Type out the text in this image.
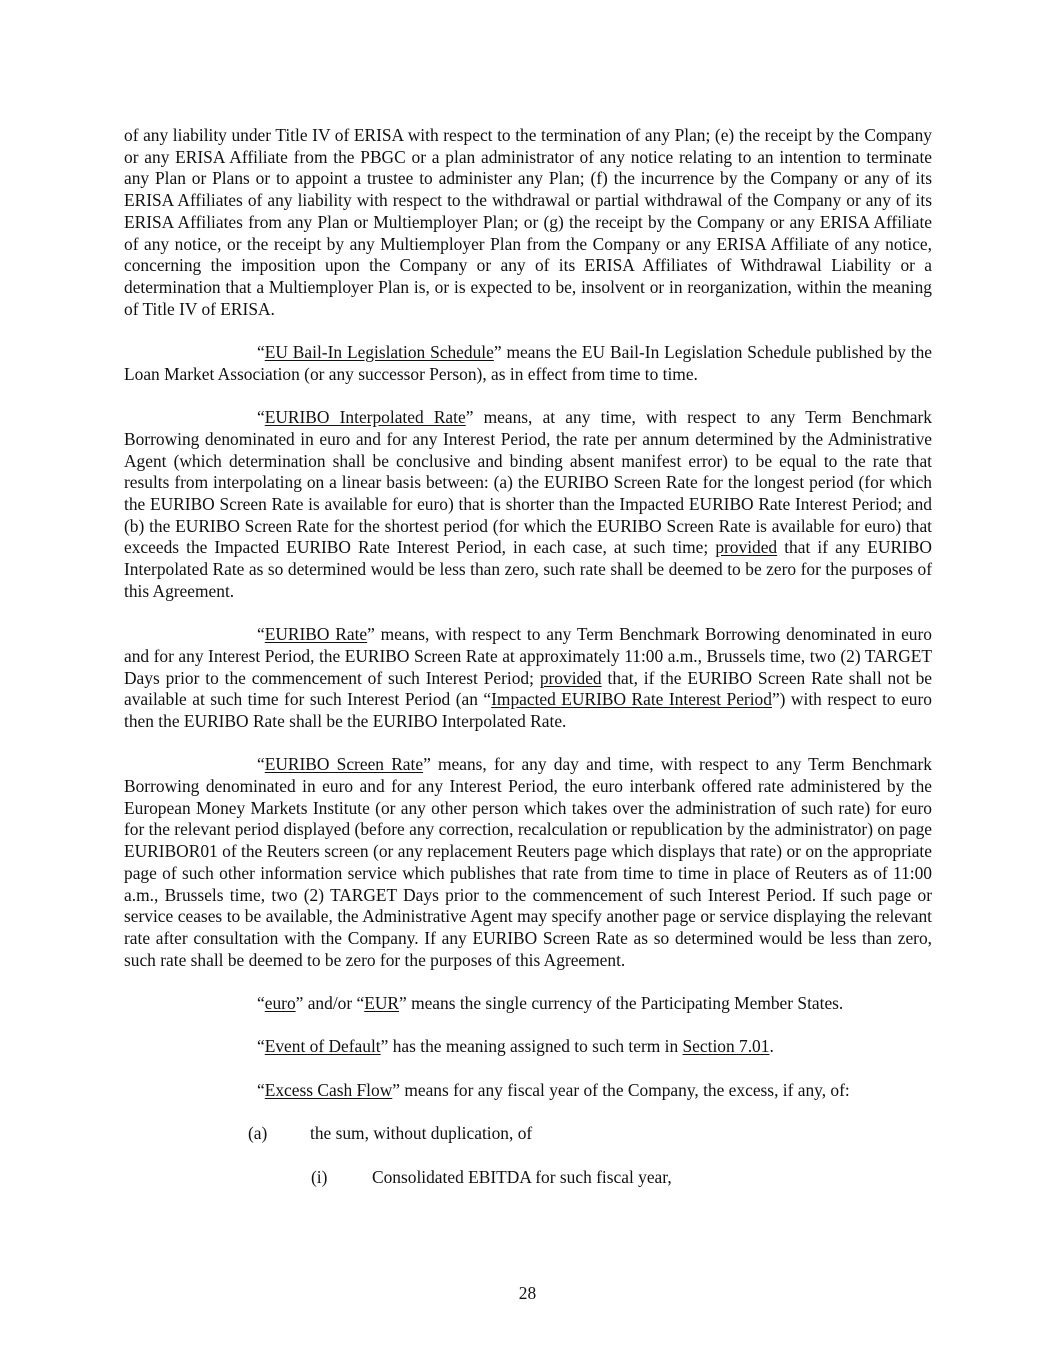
of any liability under Title IV of ERISA with respect to the termination of any Plan; (e) the receipt by the Company or any ERISA Affiliate from the PBGC or a plan administrator of any notice relating to an intention to terminate any Plan or Plans or to appoint a trustee to administer any Plan; (f) the incurrence by the Company or any of its ERISA Affiliates of any liability with respect to the withdrawal or partial withdrawal of the Company or any of its ERISA Affiliates from any Plan or Multiemployer Plan; or (g) the receipt by the Company or any ERISA Affiliate of any notice, or the receipt by any Multiemployer Plan from the Company or any ERISA Affiliate of any notice, concerning the imposition upon the Company or any of its ERISA Affiliates of Withdrawal Liability or a determination that a Multiemployer Plan is, or is expected to be, insolvent or in reorganization, within the meaning of Title IV of ERISA.

“EU Bail-In Legislation Schedule” means the EU Bail-In Legislation Schedule published by the Loan Market Association (or any successor Person), as in effect from time to time.

“EURIBO Interpolated Rate” means, at any time, with respect to any Term Benchmark Borrowing denominated in euro and for any Interest Period, the rate per annum determined by the Administrative Agent (which determination shall be conclusive and binding absent manifest error) to be equal to the rate that results from interpolating on a linear basis between: (a) the EURIBO Screen Rate for the longest period (for which the EURIBO Screen Rate is available for euro) that is shorter than the Impacted EURIBO Rate Interest Period; and (b) the EURIBO Screen Rate for the shortest period (for which the EURIBO Screen Rate is available for euro) that exceeds the Impacted EURIBO Rate Interest Period, in each case, at such time; provided that if any EURIBO Interpolated Rate as so determined would be less than zero, such rate shall be deemed to be zero for the purposes of this Agreement.

“EURIBO Rate” means, with respect to any Term Benchmark Borrowing denominated in euro and for any Interest Period, the EURIBO Screen Rate at approximately 11:00 a.m., Brussels time, two (2) TARGET Days prior to the commencement of such Interest Period; provided that, if the EURIBO Screen Rate shall not be available at such time for such Interest Period (an “Impacted EURIBO Rate Interest Period”) with respect to euro then the EURIBO Rate shall be the EURIBO Interpolated Rate.

“EURIBO Screen Rate” means, for any day and time, with respect to any Term Benchmark Borrowing denominated in euro and for any Interest Period, the euro interbank offered rate administered by the European Money Markets Institute (or any other person which takes over the administration of such rate) for euro for the relevant period displayed (before any correction, recalculation or republication by the administrator) on page EURIBOR01 of the Reuters screen (or any replacement Reuters page which displays that rate) or on the appropriate page of such other information service which publishes that rate from time to time in place of Reuters as of 11:00 a.m., Brussels time, two (2) TARGET Days prior to the commencement of such Interest Period. If such page or service ceases to be available, the Administrative Agent may specify another page or service displaying the relevant rate after consultation with the Company. If any EURIBO Screen Rate as so determined would be less than zero, such rate shall be deemed to be zero for the purposes of this Agreement.

“euro” and/or “EUR” means the single currency of the Participating Member States.

“Event of Default” has the meaning assigned to such term in Section 7.01.

“Excess Cash Flow” means for any fiscal year of the Company, the excess, if any, of:

(a) the sum, without duplication, of

(i)	Consolidated EBITDA for such fiscal year,

28
